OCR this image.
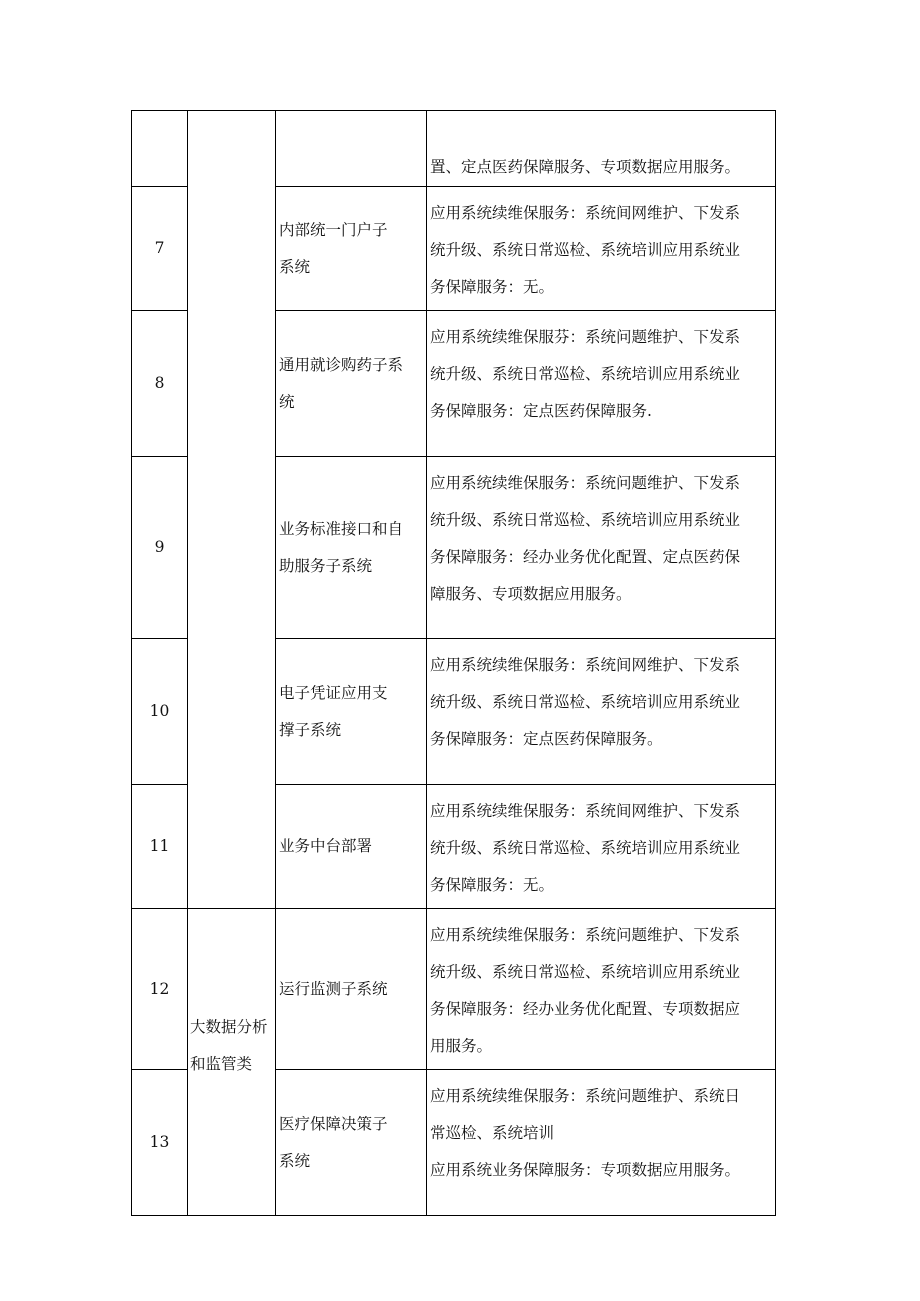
			置、定点医药保障服务、专项数据应用服务。

7		内部统一门户子
系统	应用系统续维保服务：系统间网维护、下发系
统升级、系统日常巡检、系统培训应用系统业
务保障服务：无。

8		通用就诊购药子系
统	应用系统续维保服芬：系统问题维护、下发系
统升级、系统日常巡检、系统培训应用系统业
务保障服务：定点医药保障服务.

9		业务标准接口和自
助服务子系统	应用系统续维保服务：系统问题维护、下发系
统升级、系统日常巡检、系统培训应用系统业
务保障服务：经办业务优化配置、定点医药保
障服务、专项数据应用服务。

10		电子凭证应用支
撑子系统	应用系统续维保服务：系统间网维护、下发系
统升级、系统日常巡检、系统培训应用系统业
务保障服务：定点医药保障服务。

11		业务中台部署	应用系统续维保服务：系统间网维护、下发系
统升级、系统日常巡检、系统培训应用系统业
务保障服务：无。

12	大数据分析
和监管类	运行监测子系统	应用系统续维保服务：系统问题维护、下发系
统升级、系统日常巡检、系统培训应用系统业
务保障服务：经办业务优化配置、专项数据应
用服务。

13		医疗保障决策子
系统	应用系统续维保服务：系统问题维护、系统日
常巡检、系统培训
应用系统业务保障服务：专项数据应用服务。
